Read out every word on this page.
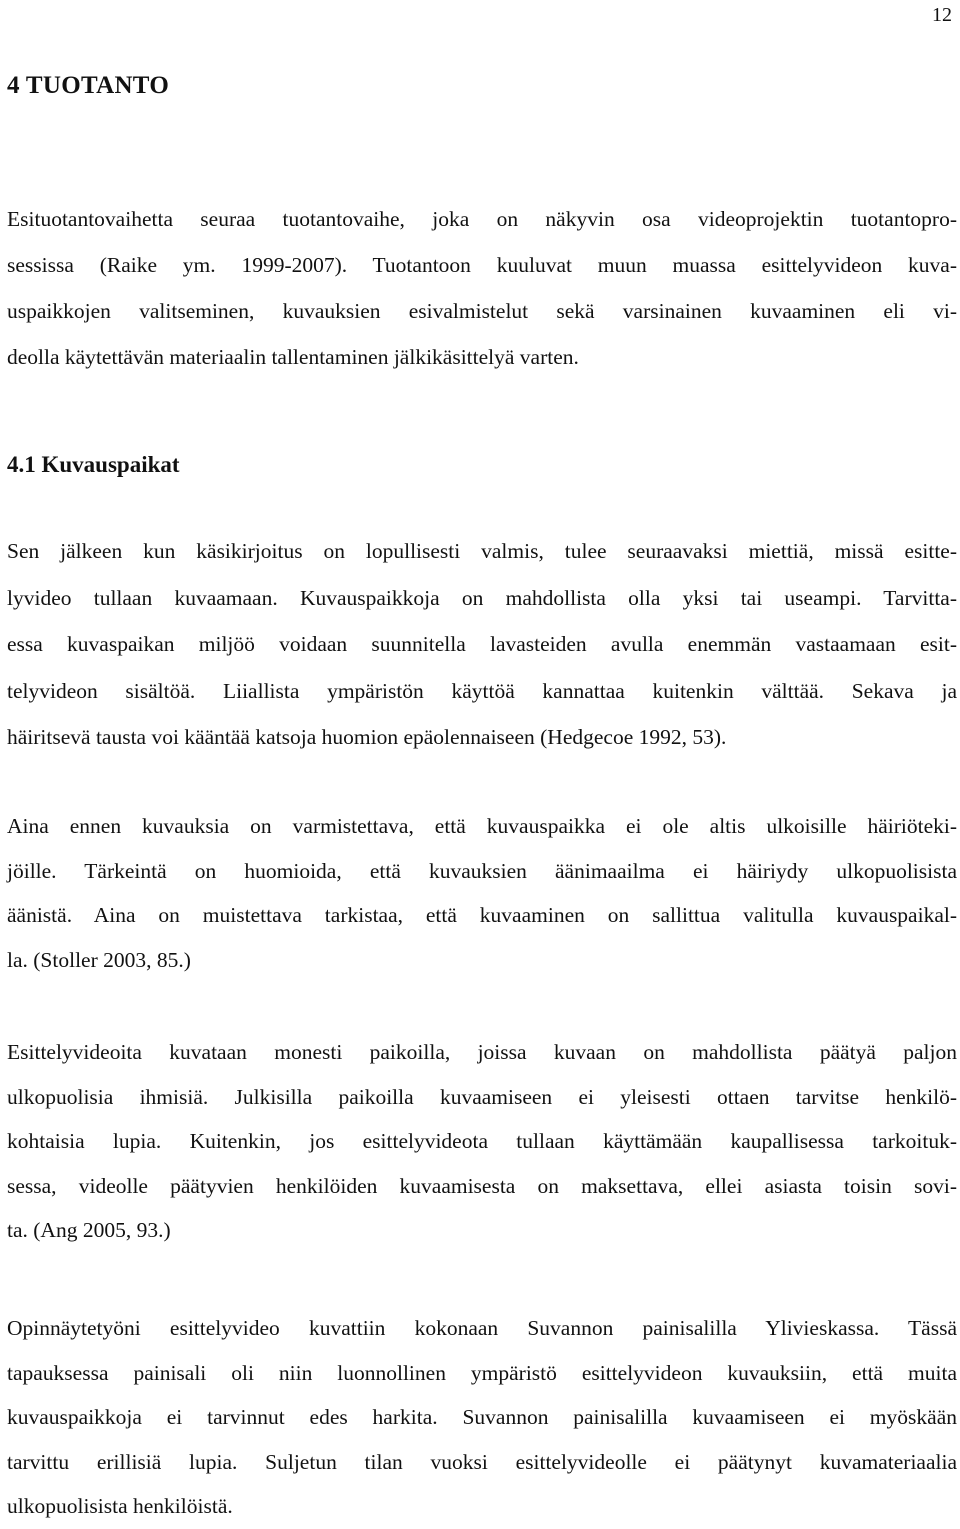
12
4 TUOTANTO
Esituotantovaihetta seuraa tuotantovaihe, joka on näkyvin osa videoprojektin tuotantopro-
sessissa (Raike ym. 1999-2007). Tuotantoon kuuluvat muun muassa esittelyvideon kuva-
uspaikkojen valitseminen, kuvauksien esivalmistelut sekä varsinainen kuvaaminen eli vi-
deolla käytettävän materiaalin tallentaminen jälkikäsittelyä varten.
4.1 Kuvauspaikat
Sen jälkeen kun käsikirjoitus on lopullisesti valmis, tulee seuraavaksi miettiä, missä esitte-
lyvideo tullaan kuvaamaan. Kuvauspaikkoja on mahdollista olla yksi tai useampi. Tarvitta-
essa kuvaspaikan miljöö voidaan suunnitella lavasteiden avulla enemmän vastaamaan esit-
telyvideon sisältöä. Liiallista ympäristön käyttöä kannattaa kuitenkin välttää. Sekava ja
häiritsevä tausta voi kääntää katsoja huomion epäolennaiseen (Hedgecoe 1992, 53).
Aina ennen kuvauksia on varmistettava, että kuvauspaikka ei ole altis ulkoisille häiriöteki-
jöille. Tärkeintä on huomioida, että kuvauksien äänimaailma ei häiriydy ulkopuolisista
äänistä. Aina on muistettava tarkistaa, että kuvaaminen on sallittua valitulla kuvauspaikal-
la. (Stoller 2003, 85.)
Esittelyvideoita kuvataan monesti paikoilla, joissa kuvaan on mahdollista päätyä paljon
ulkopuolisia ihmisiä. Julkisilla paikoilla kuvaamiseen ei yleisesti ottaen tarvitse henkilö-
kohtaisia lupia. Kuitenkin, jos esittelyvideota tullaan käyttämään kaupallisessa tarkoituk-
sessa, videolle päätyvien henkilöiden kuvaamisesta on maksettava, ellei asiasta toisin sovi-
ta. (Ang 2005, 93.)
Opinnäytetyöni esittelyvideo kuvattiin kokonaan Suvannon painisalilla Ylivieskassa. Tässä
tapauksessa painisali oli niin luonnollinen ympäristö esittelyvideon kuvauksiin, että muita
kuvauspaikkoja ei tarvinnut edes harkita. Suvannon painisalilla kuvaamiseen ei myöskään
tarvittu erillisiä lupia. Suljetun tilan vuoksi esittelyvideolle ei päätynyt kuvamateriaalia
ulkopuolisista henkilöistä.
